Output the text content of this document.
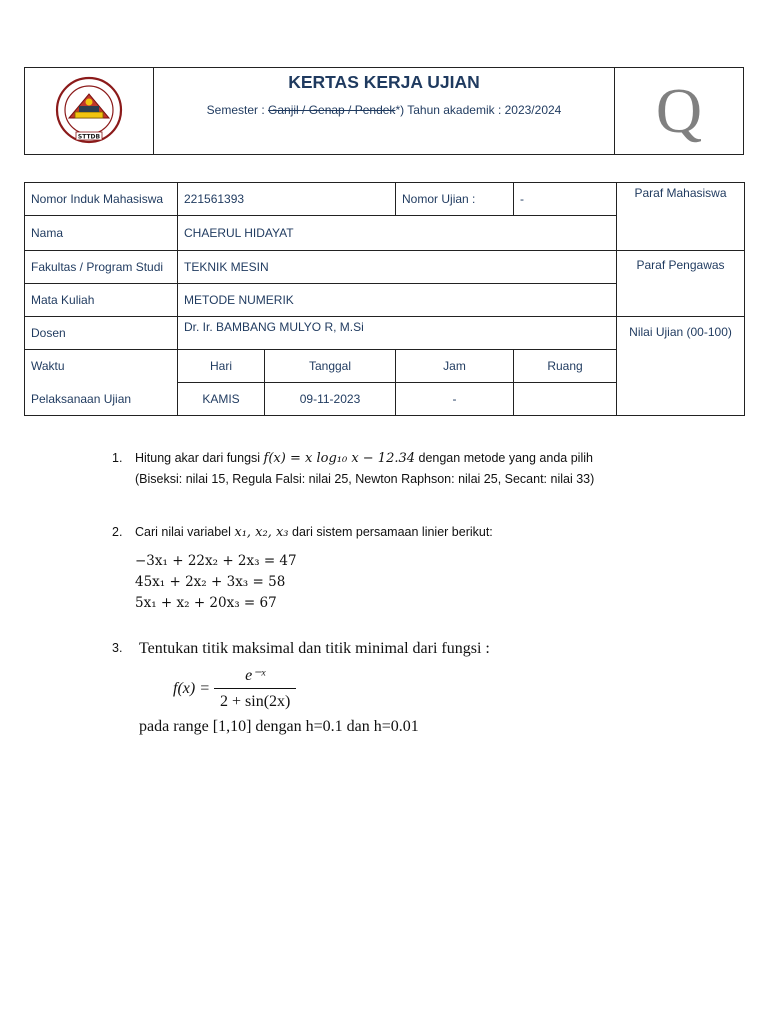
STTDB
KERTAS KERJA UJIAN
Semester : Ganjil / Genap / Pendek*) Tahun akademik : 2023/2024	Q
Nomor Induk Mahasiswa	221561393		Nomor Ujian :	-	Paraf Mahasiswa
Nama	CHAERUL HIDAYAT				
Fakultas / Program Studi	TEKNIK MESIN				Paraf Pengawas
Mata Kuliah	METODE NUMERIK				
Dosen	Dr. Ir. BAMBANG MULYO R, M.Si				Nilai Ujian (00-100)
Waktu	Hari	Tanggal	Jam	Ruang	
Pelaksanaan Ujian	KAMIS	09-11-2023	-		
1.	Hitung akar dari fungsi f(x) = x log₁₀ x − 12.34 dengan metode yang anda pilih
(Biseksi: nilai 15, Regula Falsi: nilai 25, Newton Raphson: nilai 25, Secant: nilai 33)
2.	Cari nilai variabel x₁, x₂, x₃ dari sistem persamaan linier berikut:
−3x₁ + 22x₂ + 2x₃ = 47
45x₁ + 2x₂ + 3x₃ = 58
5x₁ + x₂ + 20x₃ = 67
3.	Tentukan titik maksimal dan titik minimal dari fungsi :
$f(x) = \frac{\text{e⁻ˣ}}{2 + \sin(2x)}$
pada range [1,10] dengan h=0.1 dan h=0.01
